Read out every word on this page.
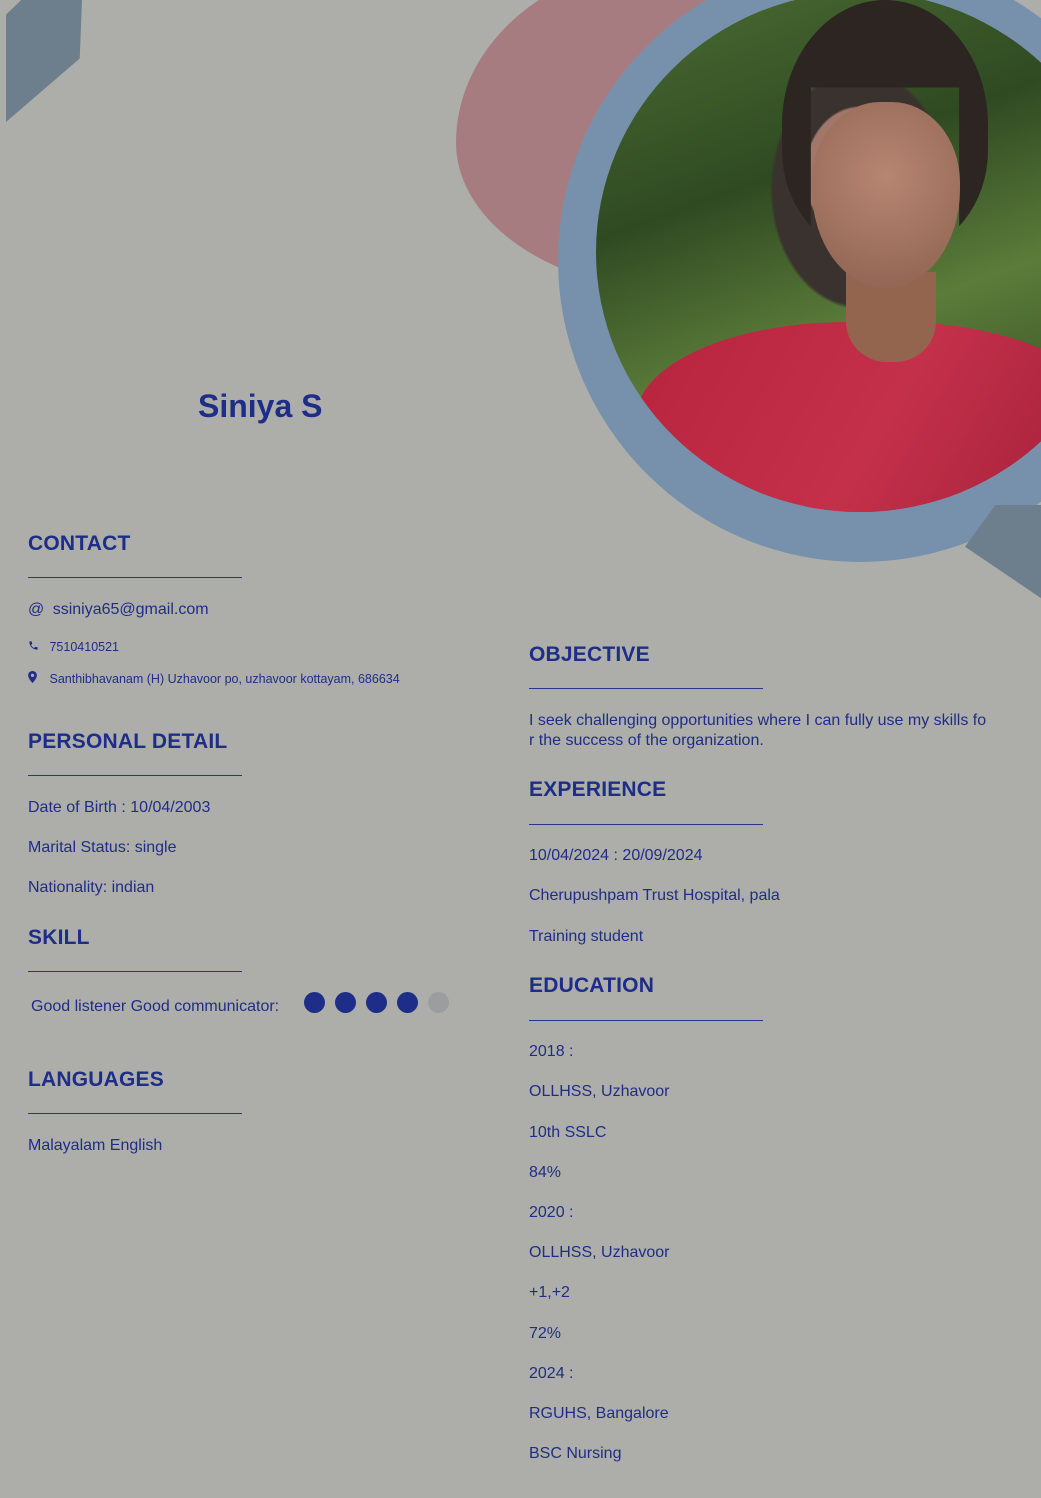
Siniya S
CONTACT
@ ssiniya65@gmail.com
7510410521
Santhibhavanam (H) Uzhavoor po, uzhavoor kottayam, 686634
PERSONAL DETAIL
Date of Birth : 10/04/2003
Marital Status: single
Nationality: indian
SKILL
Good listener Good communicator:
LANGUAGES
Malayalam English
OBJECTIVE
I seek challenging opportunities where I can fully use my skills fo
r the success of the organization.
EXPERIENCE
10/04/2024 : 20/09/2024
Cherupushpam Trust Hospital, pala
Training student
EDUCATION
2018 :
OLLHSS, Uzhavoor
10th SSLC
84%
2020 :
OLLHSS, Uzhavoor
+1,+2
72%
2024 :
RGUHS, Bangalore
BSC Nursing
